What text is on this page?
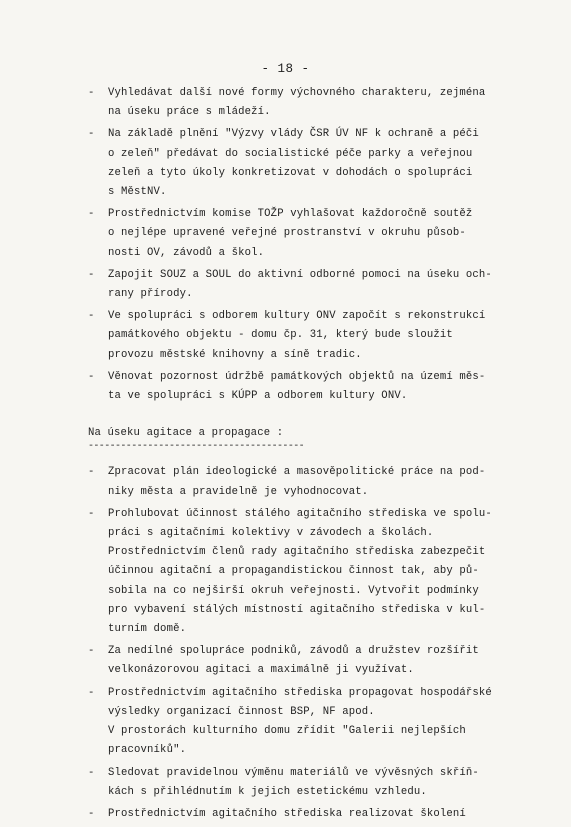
- 18 -
- Vyhledávat další nové formy výchovného charakteru, zejména
na úseku práce s mládeží.
- Na základě plnění "Výzvy vlády ČSR ÚV NF k ochraně a péči
o zeleň" předávat do socialistické péče parky a veřejnou
zeleň a tyto úkoly konkretizovat v dohodách o spolupráci
s MěstNV.
- Prostřednictvím komise TOŽP vyhlašovat každoročně soutěž
o nejlépe upravené veřejné prostranství v okruhu působ-
nosti OV, závodů a škol.
- Zapojit SOUZ a SOUL do aktivní odborné pomoci na úseku och-
rany přírody.
- Ve spolupráci s odborem kultury ONV započít s rekonstrukcí
památkového objektu - domu čp. 31, který bude sloužit
provozu městské knihovny a síně tradic.
- Věnovat pozornost údržbě památkových objektů na území měs-
ta ve spolupráci s KÚPP a odborem kultury ONV.
Na úseku agitace a propagace :
----------------------------------------
- Zpracovat plán ideologické a masověpolitické práce na pod-
niky města a pravidelně je vyhodnocovat.
- Prohlubovat účinnost stálého agitačního střediska ve spolu-
práci s agitačními kolektivy v závodech a školách.
Prostřednictvím členů rady agitačního střediska zabezpečit
účinnou agitační a propagandistickou činnost tak, aby pů-
sobila na co nejširší okruh veřejnosti. Vytvořit podmínky
pro vybavení stálých místností agitačního střediska v kul-
turním domě.
- Za nedílné spolupráce podniků, závodů a družstev rozšířit
velkonázorovou agitaci a maximálně ji využívat.
- Prostřednictvím agitačního střediska propagovat hospodářské
výsledky organizací činnost BSP, NF apod.
V prostorách kulturního domu zřídit "Galerii nejlepších
pracovníků".
- Sledovat pravidelnou výměnu materiálů ve vývěsných skříň-
kách s přihlédnutím k jejich estetickému vzhledu.
- Prostřednictvím agitačního střediska realizovat školení
